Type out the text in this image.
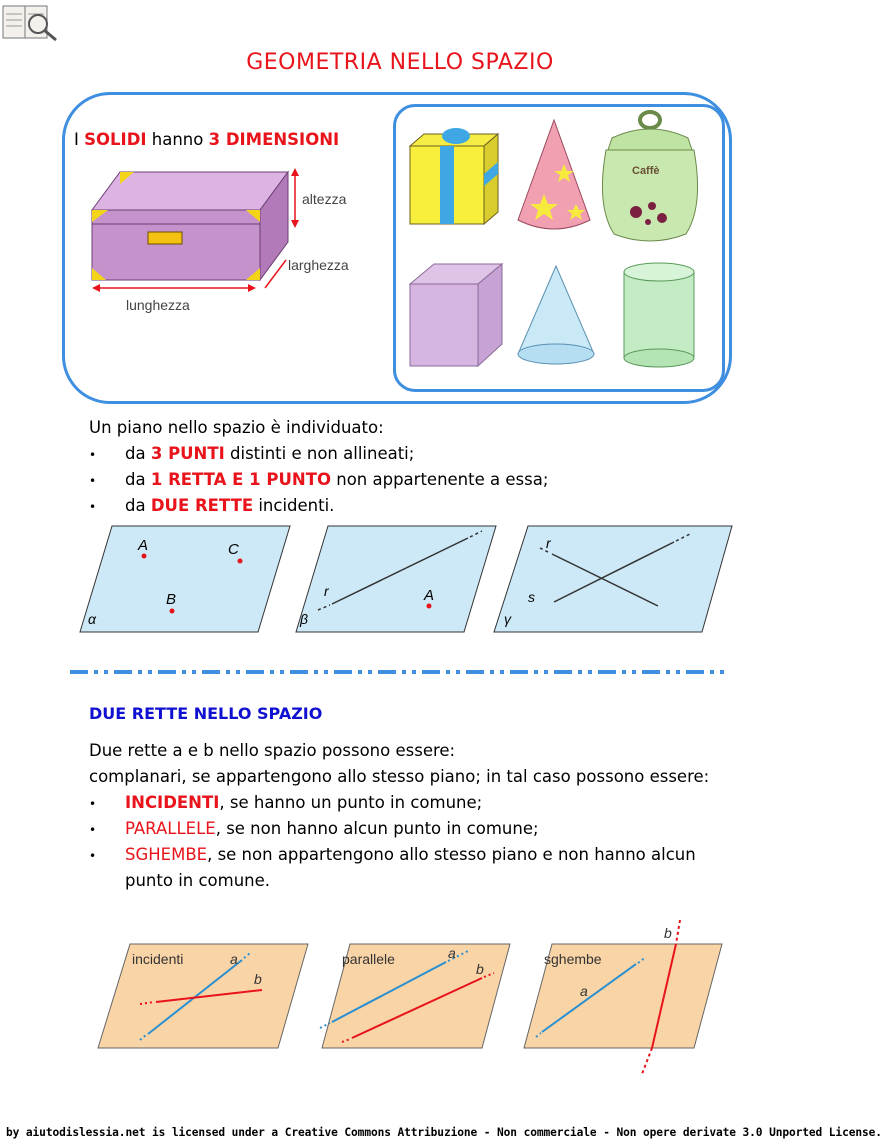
GEOMETRIA NELLO SPAZIO
I SOLIDI hanno 3 DIMENSIONI
altezza
larghezza
lunghezza
Caffè
Un piano nello spazio è individuato:
• da 3 PUNTI distinti e non allineati;
• da 1 RETTA E 1 PUNTO non appartenente a essa;
• da DUE RETTE incidenti.
A	C
B
α
r	A
β
r
s
γ
DUE RETTE NELLO SPAZIO
Due rette a e b nello spazio possono essere:
complanari, se appartengono allo stesso piano; in tal caso possono essere:
• INCIDENTI, se hanno un punto in comune;
• PARALLELE, se non hanno alcun punto in comune;
• SGHEMBE, se non appartengono allo stesso piano e non hanno alcun
punto in comune.
incidenti	a
b
parallele	a
b
sghembe
a
b
by aiutodislessia.net is licensed under a Creative Commons Attribuzione - Non commerciale - Non opere derivate 3.0 Unported License.
